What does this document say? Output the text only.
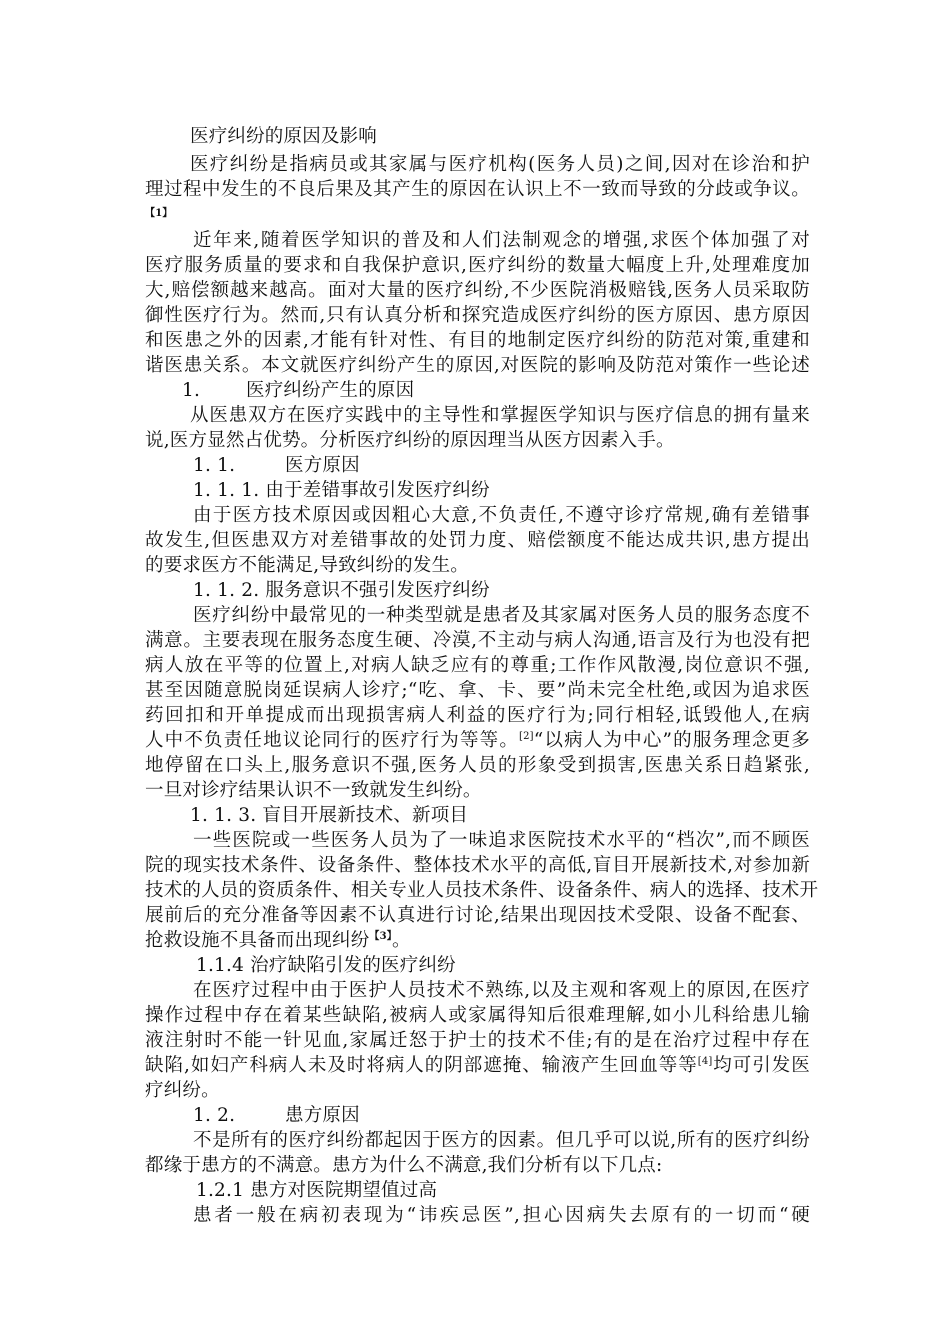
医疗纠纷的原因及影响
医疗纠纷是指病员或其家属与医疗机构(医务人员)之间,因对在诊治和护
理过程中发生的不良后果及其产生的原因在认识上不一致而导致的分歧或争议。
【1】
近年来,随着医学知识的普及和人们法制观念的增强,求医个体加强了对
医疗服务质量的要求和自我保护意识,医疗纠纷的数量大幅度上升,处理难度加
大,赔偿额越来越高。面对大量的医疗纠纷,不少医院消极赔钱,医务人员采取防
御性医疗行为。然而,只有认真分析和探究造成医疗纠纷的医方原因、患方原因
和医患之外的因素,才能有针对性、有目的地制定医疗纠纷的防范对策,重建和
谐医患关系。本文就医疗纠纷产生的原因,对医院的影响及防范对策作一些论述
1. 医疗纠纷产生的原因
从医患双方在医疗实践中的主导性和掌握医学知识与医疗信息的拥有量来
说,医方显然占优势。分析医疗纠纷的原因理当从医方因素入手。
1. 1.	医方原因
1. 1. 1. 由于差错事故引发医疗纠纷
由于医方技术原因或因粗心大意,不负责任,不遵守诊疗常规,确有差错事
故发生,但医患双方对差错事故的处罚力度、赔偿额度不能达成共识,患方提出
的要求医方不能满足,导致纠纷的发生。
1. 1. 2. 服务意识不强引发医疗纠纷
医疗纠纷中最常见的一种类型就是患者及其家属对医务人员的服务态度不
满意。主要表现在服务态度生硬、冷漠,不主动与病人沟通,语言及行为也没有把
病人放在平等的位置上,对病人缺乏应有的尊重;工作作风散漫,岗位意识不强,
甚至因随意脱岗延误病人诊疗;“吃、拿、卡、要”尚未完全杜绝,或因为追求医
药回扣和开单提成而出现损害病人利益的医疗行为;同行相轻,诋毁他人,在病
人中不负责任地议论同行的医疗行为等等。[2]“以病人为中心”的服务理念更多
地停留在口头上,服务意识不强,医务人员的形象受到损害,医患关系日趋紧张,
一旦对诊疗结果认识不一致就发生纠纷。
1. 1. 3. 盲目开展新技术、新项目
一些医院或一些医务人员为了一味追求医院技术水平的“档次”,而不顾医
院的现实技术条件、设备条件、整体技术水平的高低,盲目开展新技术,对参加新
技术的人员的资质条件、相关专业人员技术条件、设备条件、病人的选择、技术开
展前后的充分准备等因素不认真进行讨论,结果出现因技术受限、设备不配套、
抢救设施不具备而出现纠纷$^{【3】}$。
1.1.4 治疗缺陷引发的医疗纠纷
在医疗过程中由于医护人员技术不熟练,以及主观和客观上的原因,在医疗
操作过程中存在着某些缺陷,被病人或家属得知后很难理解,如小儿科给患儿输
液注射时不能一针见血,家属迁怒于护士的技术不佳;有的是在治疗过程中存在
缺陷,如妇产科病人未及时将病人的阴部遮掩、输液产生回血等等[4]均可引发医
疗纠纷。
1. 2.	患方原因
不是所有的医疗纠纷都起因于医方的因素。但几乎可以说,所有的医疗纠纷
都缘于患方的不满意。患方为什么不满意,我们分析有以下几点:
1.2.1 患方对医院期望值过高
患者一般在病初表现为“讳疾忌医”,担心因病失去原有的一切而“硬
